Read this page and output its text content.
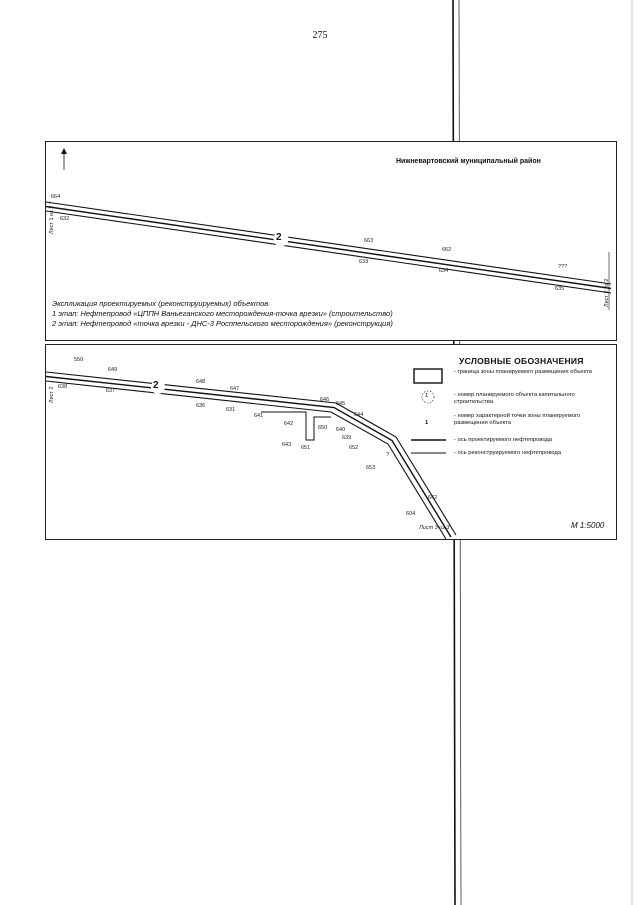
275
2
Нижневартовский муниципальный район
664
632
663
633
662
634
???
635
Лист 1 из 2 7
Лист 2 из 2
Экспликация проектируемых (реконструируемых) объектов.
1 этап: Нефтепровод «ЦППН Ваньеганского месторождения-точка врезки» (строительство)
2 этап: Нефтепровод «точка врезки - ДНС-3 Росппельского месторождения» (реконструкция)
2
550
649
648
647
646
645
644
642
643 651
650
652
653
638
637
636
631
641
640
639
?
642
604
Лист 2
Лист 3 из 3
УСЛОВНЫЕ ОБОЗНАЧЕНИЯ
- граница зоны планируемого размещения объекта
1	- номер планируемого объекта капитального строительства
1
- номер характерной точки зоны планируемого размещения объекта
- ось проектируемого нефтепровода
- ось реконструируемого нефтепровода
М 1:5000
